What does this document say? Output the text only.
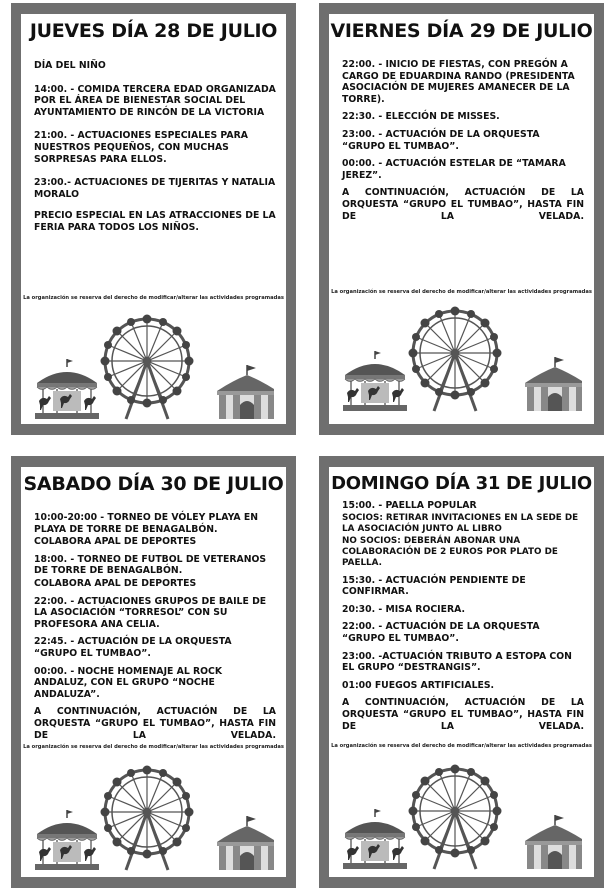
JUEVES DÍA 28 DE JULIO

DÍA DEL NIÑO

14:00. - COMIDA TERCERA EDAD ORGANIZADA POR EL ÁREA DE BIENESTAR SOCIAL DEL AYUNTAMIENTO DE RINCÓN DE LA VICTORIA

21:00. - ACTUACIONES ESPECIALES PARA NUESTROS PEQUEÑOS, CON MUCHAS SORPRESAS PARA ELLOS.

23:00.- ACTUACIONES DE TIJERITAS Y NATALIA MORALO

PRECIO ESPECIAL EN LAS ATRACCIONES DE LA FERIA PARA TODOS LOS NIÑOS.

La organización se reserva del derecho de modificar/alterar las actividades programadas
VIERNES DÍA 29 DE JULIO

22:00. - INICIO DE FIESTAS, CON PREGÓN A CARGO DE EDUARDINA RANDO (PRESIDENTA ASOCIACIÓN DE MUJERES AMANECER DE LA TORRE).

22:30. - ELECCIÓN DE MISSES.

23:00. - ACTUACIÓN DE LA ORQUESTA “GRUPO EL TUMBAO”.

00:00. - ACTUACIÓN ESTELAR DE “TAMARA JEREZ”.

A CONTINUACIÓN, ACTUACIÓN DE LA ORQUESTA “GRUPO EL TUMBAO”, HASTA FIN DE LA VELADA.

La organización se reserva del derecho de modificar/alterar las actividades programadas
SABADO DÍA 30 DE JULIO

10:00-20:00 - TORNEO DE VÓLEY PLAYA EN PLAYA DE TORRE DE BENAGALBÓN.

COLABORA APAL DE DEPORTES

18:00. - TORNEO DE FUTBOL DE VETERANOS DE TORRE DE BENAGALBÓN.

COLABORA APAL DE DEPORTES

22:00. - ACTUACIONES GRUPOS DE BAILE DE LA ASOCIACIÓN “TORRESOL” CON SU PROFESORA ANA CELIA.

22:45. - ACTUACIÓN DE LA ORQUESTA “GRUPO EL TUMBAO”.

00:00. - NOCHE HOMENAJE AL ROCK ANDALUZ, CON EL GRUPO “NOCHE ANDALUZA”.

A CONTINUACIÓN, ACTUACIÓN DE LA ORQUESTA “GRUPO EL TUMBAO”, HASTA FIN DE LA VELADA.

La organización se reserva del derecho de modificar/alterar las actividades programadas
DOMINGO DÍA 31 DE JULIO

15:00. - PAELLA POPULAR

SOCIOS: RETIRAR INVITACIONES EN LA SEDE DE LA ASOCIACIÓN JUNTO AL LIBRO

NO SOCIOS: DEBERÁN ABONAR UNA COLABORACIÓN DE 2 EUROS POR PLATO DE PAELLA.

15:30. - ACTUACIÓN PENDIENTE DE CONFIRMAR.

20:30. - MISA ROCIERA.

22:00. - ACTUACIÓN DE LA ORQUESTA “GRUPO EL TUMBAO”.

23:00. -ACTUACIÓN TRIBUTO A ESTOPA CON EL GRUPO “DESTRANGIS”.

01:00 FUEGOS ARTIFICIALES.

A CONTINUACIÓN, ACTUACIÓN DE LA ORQUESTA “GRUPO EL TUMBAO”, HASTA FIN DE LA VELADA.

La organización se reserva del derecho de modificar/alterar las actividades programadas
